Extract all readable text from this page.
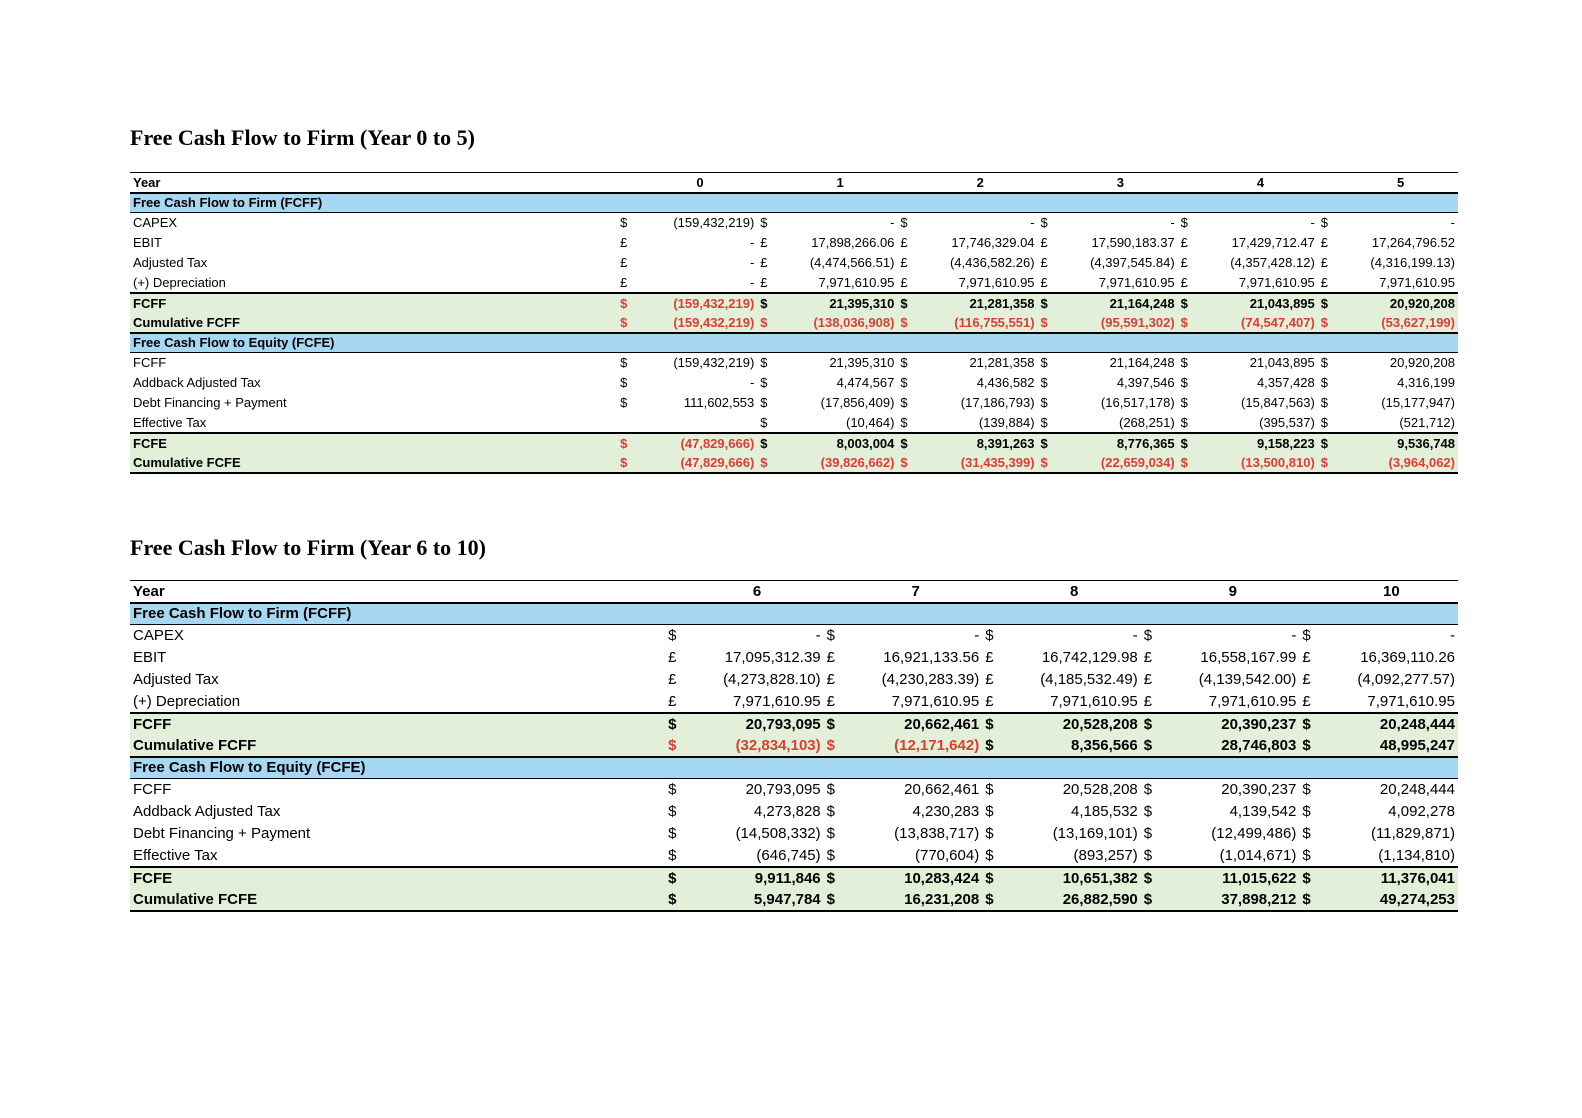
Free Cash Flow to Firm (Year 0 to 5)
Year		0		1		2		3		4		5
Free Cash Flow to Firm (FCFF)												
CAPEX	$	(159,432,219)	$	-	$	-	$	-	$	-	$	-
EBIT	£	-	£	17,898,266.06	£	17,746,329.04	£	17,590,183.37	£	17,429,712.47	£	17,264,796.52
Adjusted Tax	£	-	£	(4,474,566.51)	£	(4,436,582.26)	£	(4,397,545.84)	£	(4,357,428.12)	£	(4,316,199.13)
(+) Depreciation	£	-	£	7,971,610.95	£	7,971,610.95	£	7,971,610.95	£	7,971,610.95	£	7,971,610.95
FCFF	$	(159,432,219)	$	21,395,310	$	21,281,358	$	21,164,248	$	21,043,895	$	20,920,208
Cumulative FCFF	$	(159,432,219)	$	(138,036,908)	$	(116,755,551)	$	(95,591,302)	$	(74,547,407)	$	(53,627,199)
Free Cash Flow to Equity (FCFE)												
FCFF	$	(159,432,219)	$	21,395,310	$	21,281,358	$	21,164,248	$	21,043,895	$	20,920,208
Addback Adjusted Tax	$	-	$	4,474,567	$	4,436,582	$	4,397,546	$	4,357,428	$	4,316,199
Debt Financing + Payment	$	111,602,553	$	(17,856,409)	$	(17,186,793)	$	(16,517,178)	$	(15,847,563)	$	(15,177,947)
Effective Tax			$	(10,464)	$	(139,884)	$	(268,251)	$	(395,537)	$	(521,712)
FCFE	$	(47,829,666)	$	8,003,004	$	8,391,263	$	8,776,365	$	9,158,223	$	9,536,748
Cumulative FCFE	$	(47,829,666)	$	(39,826,662)	$	(31,435,399)	$	(22,659,034)	$	(13,500,810)	$	(3,964,062)
Free Cash Flow to Firm (Year 6 to 10)
Year		6		7		8		9		10
Free Cash Flow to Firm (FCFF)										
CAPEX	$	-	$	-	$	-	$	-	$	-
EBIT	£	17,095,312.39	£	16,921,133.56	£	16,742,129.98	£	16,558,167.99	£	16,369,110.26
Adjusted Tax	£	(4,273,828.10)	£	(4,230,283.39)	£	(4,185,532.49)	£	(4,139,542.00)	£	(4,092,277.57)
(+) Depreciation	£	7,971,610.95	£	7,971,610.95	£	7,971,610.95	£	7,971,610.95	£	7,971,610.95
FCFF	$	20,793,095	$	20,662,461	$	20,528,208	$	20,390,237	$	20,248,444
Cumulative FCFF	$	(32,834,103)	$	(12,171,642)	$	8,356,566	$	28,746,803	$	48,995,247
Free Cash Flow to Equity (FCFE)										
FCFF	$	20,793,095	$	20,662,461	$	20,528,208	$	20,390,237	$	20,248,444
Addback Adjusted Tax	$	4,273,828	$	4,230,283	$	4,185,532	$	4,139,542	$	4,092,278
Debt Financing + Payment	$	(14,508,332)	$	(13,838,717)	$	(13,169,101)	$	(12,499,486)	$	(11,829,871)
Effective Tax	$	(646,745)	$	(770,604)	$	(893,257)	$	(1,014,671)	$	(1,134,810)
FCFE	$	9,911,846	$	10,283,424	$	10,651,382	$	11,015,622	$	11,376,041
Cumulative FCFE	$	5,947,784	$	16,231,208	$	26,882,590	$	37,898,212	$	49,274,253
